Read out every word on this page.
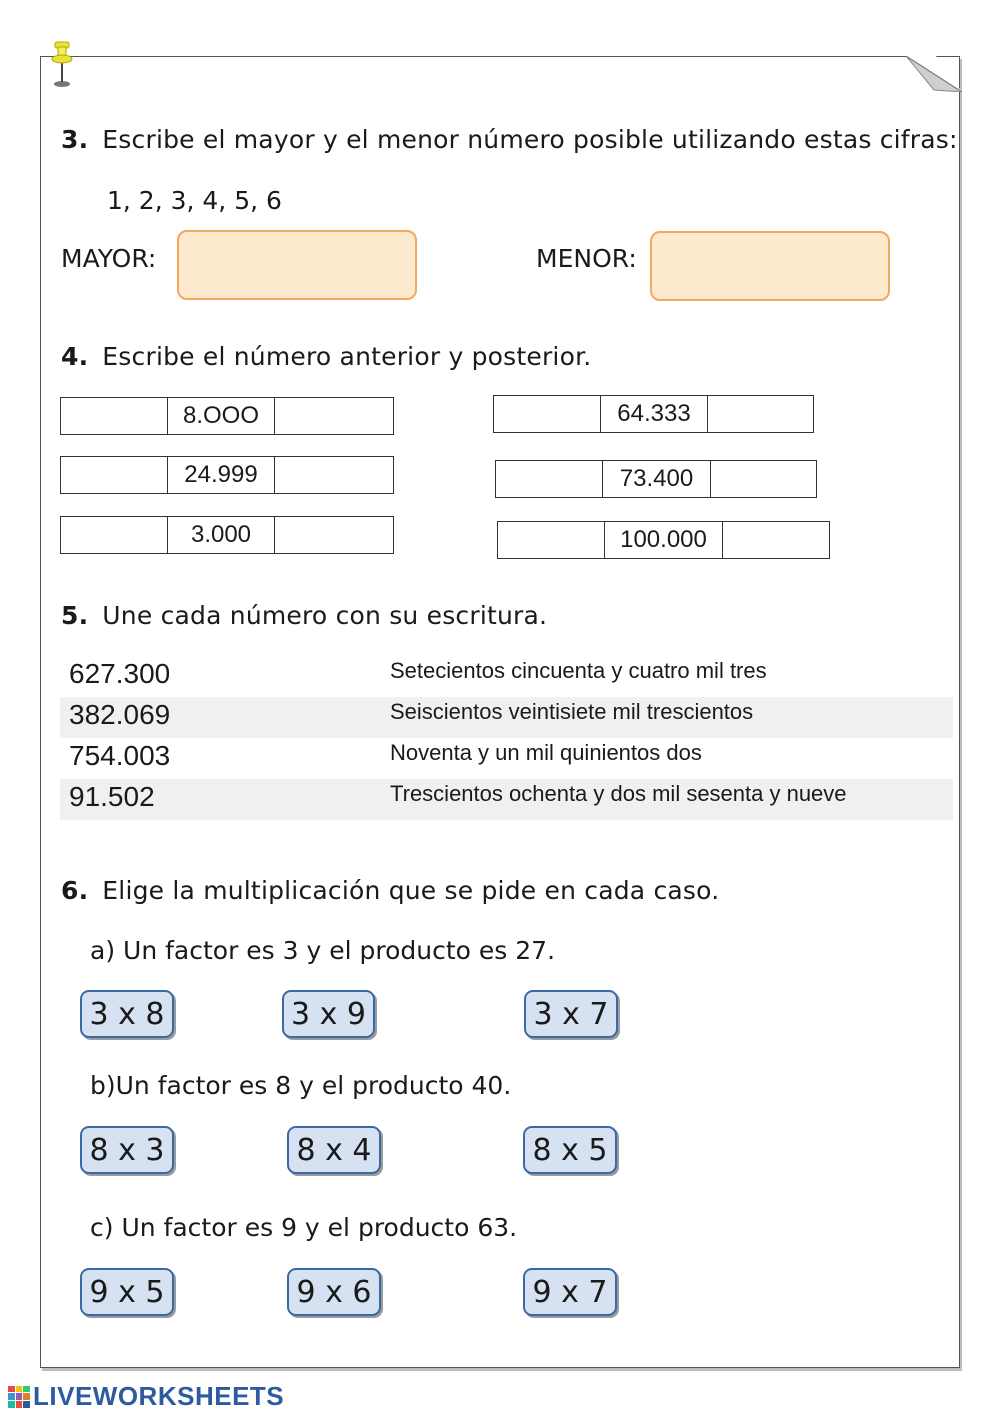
3. Escribe el mayor y el menor número posible utilizando estas cifras:
1, 2, 3, 4, 5, 6
MAYOR:	MENOR:
4. Escribe el número anterior y posterior.
8.OOO
24.999
3.000
64.333
73.400
100.000
5. Une cada número con su escritura.
627.300	Setecientos cincuenta y cuatro mil tres
382.069	Seiscientos veintisiete mil trescientos
754.003	Noventa y un mil quinientos dos
91.502	Trescientos ochenta y dos mil sesenta y nueve
6. Elige la multiplicación que se pide en cada caso.
a) Un factor es 3 y el producto es 27.
3 x 8	3 x 9	3 x 7
b)Un factor es 8 y el producto 40.
8 x 3	8 x 4	8 x 5
c) Un factor es 9 y el producto 63.
9 x 5	9 x 6	9 x 7
LIVEWORKSHEETS
